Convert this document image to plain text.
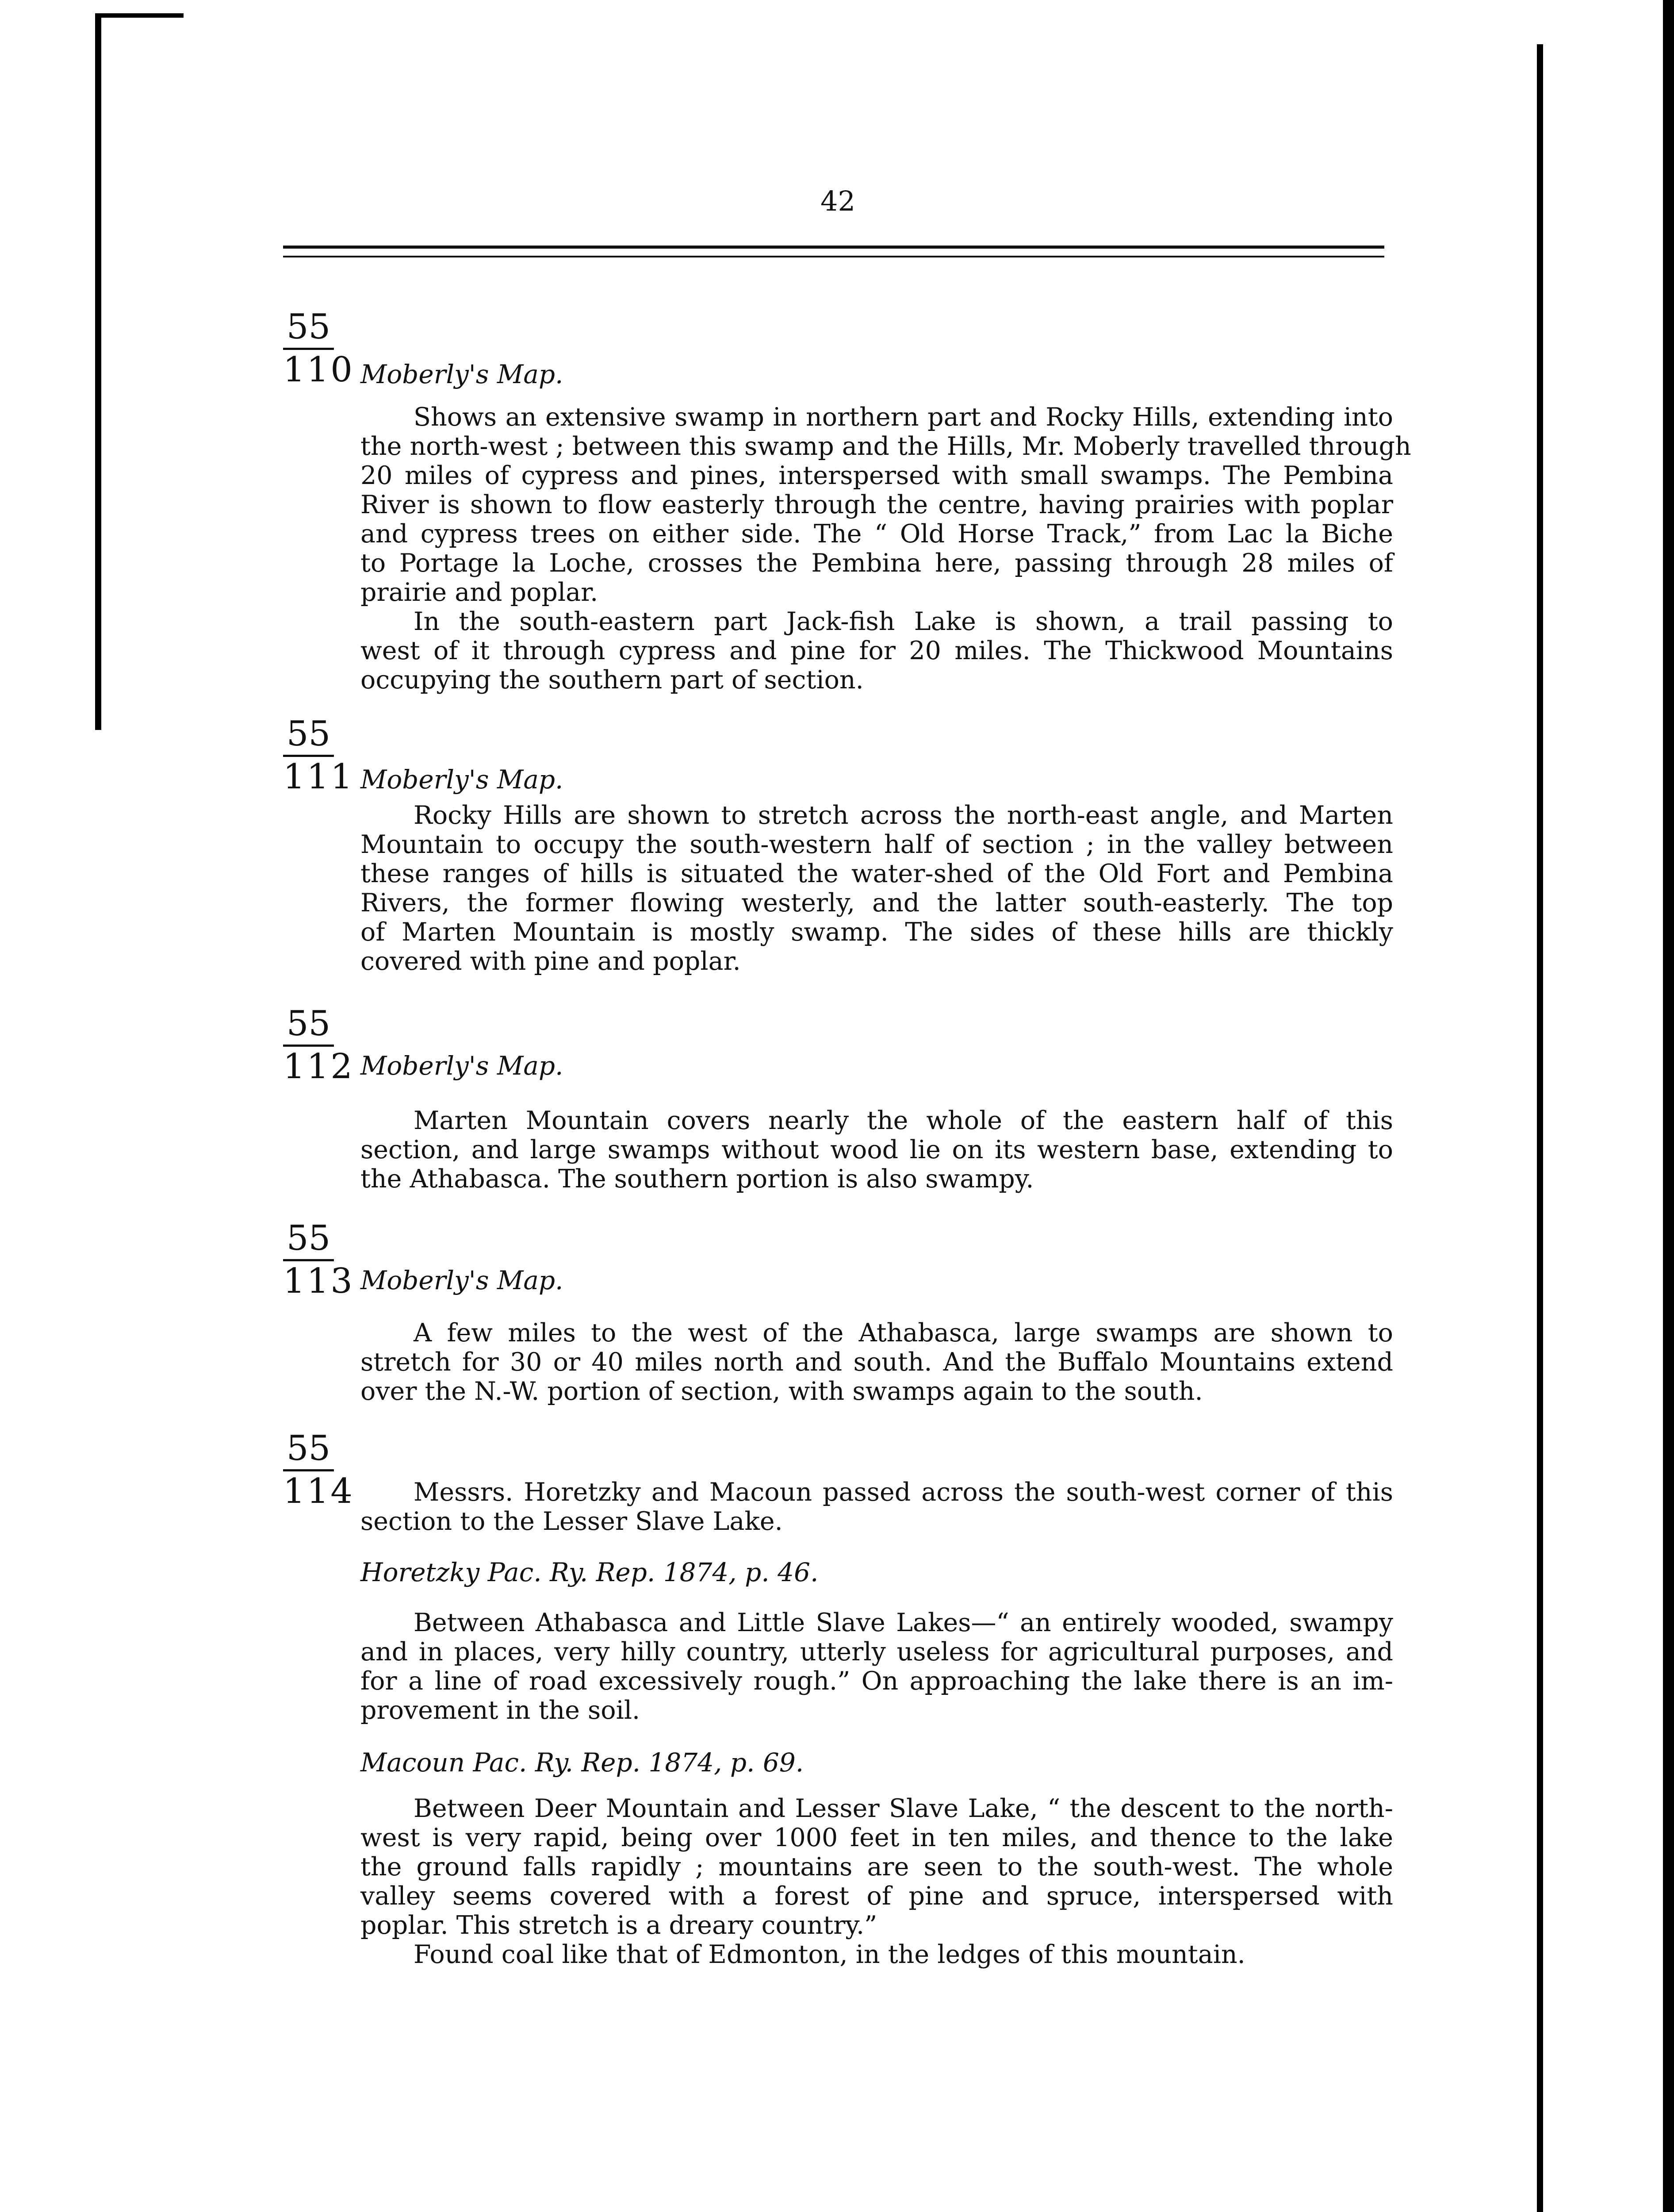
42
$\frac{55}{110}$ Moberly's Map.
Shows an extensive swamp in northern part and Rocky Hills, extending into
the north-west ; between this swamp and the Hills, Mr. Moberly travelled through
20 miles of cypress and pines, interspersed with small swamps. The Pembina
River is shown to flow easterly through the centre, having prairies with poplar
and cypress trees on either side. The “ Old Horse Track,” from Lac la Biche
to Portage la Loche, crosses the Pembina here, passing through 28 miles of
prairie and poplar.
In the south-eastern part Jack-fish Lake is shown, a trail passing to
west of it through cypress and pine for 20 miles. The Thickwood Mountains
occupying the southern part of section.
$\frac{55}{111}$ Moberly's Map.
Rocky Hills are shown to stretch across the north-east angle, and Marten
Mountain to occupy the south-western half of section ; in the valley between
these ranges of hills is situated the water-shed of the Old Fort and Pembina
Rivers, the former flowing westerly, and the latter south-easterly. The top
of Marten Mountain is mostly swamp. The sides of these hills are thickly
covered with pine and poplar.
$\frac{55}{112}$ Moberly's Map.
Marten Mountain covers nearly the whole of the eastern half of this
section, and large swamps without wood lie on its western base, extending to
the Athabasca. The southern portion is also swampy.
$\frac{55}{113}$ Moberly's Map.
A few miles to the west of the Athabasca, large swamps are shown to
stretch for 30 or 40 miles north and south. And the Buffalo Mountains extend
over the N.-W. portion of section, with swamps again to the south.
$\frac{55}{114}$	Messrs. Horetzky and Macoun passed across the south-west corner of this
section to the Lesser Slave Lake.
Horetzky Pac. Ry. Rep. 1874, p. 46.
Between Athabasca and Little Slave Lakes—“ an entirely wooded, swampy
and in places, very hilly country, utterly useless for agricultural purposes, and
for a line of road excessively rough.” On approaching the lake there is an im-
provement in the soil.
Macoun Pac. Ry. Rep. 1874, p. 69.
Between Deer Mountain and Lesser Slave Lake, “ the descent to the north-
west is very rapid, being over 1000 feet in ten miles, and thence to the lake
the ground falls rapidly ; mountains are seen to the south-west. The whole
valley seems covered with a forest of pine and spruce, interspersed with
poplar. This stretch is a dreary country.”
Found coal like that of Edmonton, in the ledges of this mountain.
